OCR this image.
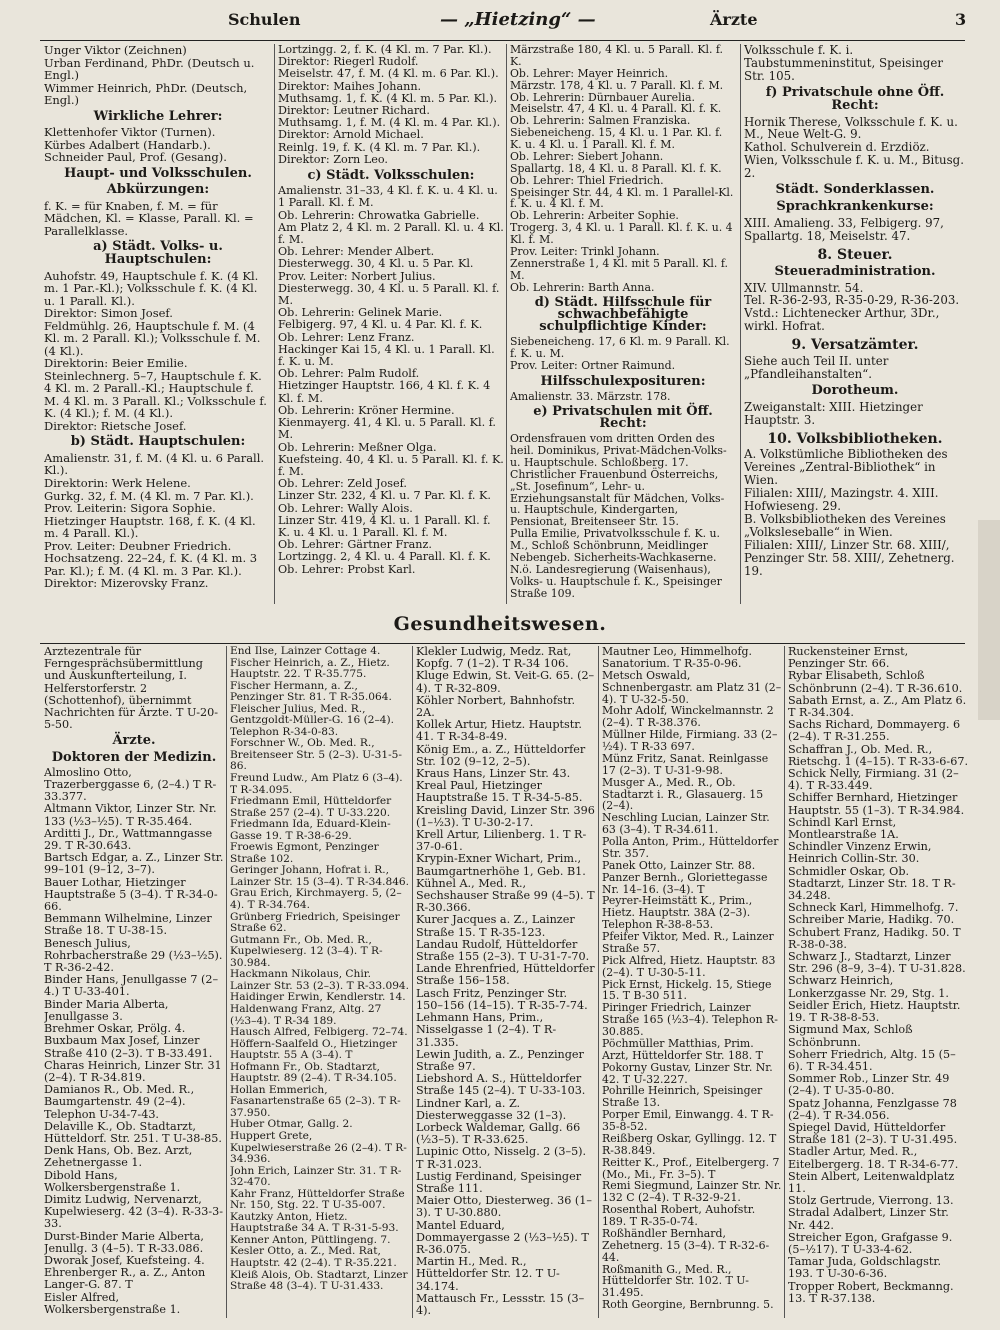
Schulen	— „Hietzing“ —	Ärzte	3

Unger Viktor (Zeichnen)

Urban Ferdinand, PhDr. (Deutsch u. Engl.)

Wimmer Heinrich, PhDr. (Deutsch, Engl.)

Wirkliche Lehrer:

Klettenhofer Viktor (Turnen).

Kürbes Adalbert (Handarb.).

Schneider Paul, Prof. (Gesang).

Haupt- und Volksschulen.

Abkürzungen:

f. K. = für Knaben, f. M. = für Mädchen, Kl. = Klasse, Parall. Kl. = Parallelklasse.

a) Städt. Volks- u. Hauptschulen:

Auhofstr. 49, Hauptschule f. K. (4 Kl. m. 1 Par.-Kl.); Volksschule f. K. (4 Kl. u. 1 Parall. Kl.).

Direktor: Simon Josef.

Feldmühlg. 26, Hauptschule f. M. (4 Kl. m. 2 Parall. Kl.); Volksschule f. M. (4 Kl.).

Direktorin: Beier Emilie.

Steinlechnerg. 5–7, Hauptschule f. K. 4 Kl. m. 2 Parall.-Kl.; Hauptschule f. M. 4 Kl. m. 3 Parall. Kl.; Volksschule f. K. (4 Kl.); f. M. (4 Kl.).

Direktor: Rietsche Josef.

b) Städt. Hauptschulen:

Amalienstr. 31, f. M. (4 Kl. u. 6 Parall. Kl.).

Direktorin: Werk Helene.

Gurkg. 32, f. M. (4 Kl. m. 7 Par. Kl.).

Prov. Leiterin: Sigora Sophie.

Hietzinger Hauptstr. 168, f. K. (4 Kl. m. 4 Parall. Kl.).

Prov. Leiter: Deubner Friedrich.

Hochsatzeng. 22–24, f. K. (4 Kl. m. 3 Par. Kl.); f. M. (4 Kl. m. 3 Par. Kl.).

Direktor: Mizerovsky Franz.

Lortzingg. 2, f. K. (4 Kl. m. 7 Par. Kl.).

Direktor: Riegerl Rudolf.

Meiselstr. 47, f. M. (4 Kl. m. 6 Par. Kl.).

Direktor: Maihes Johann.

Muthsamg. 1, f. K. (4 Kl. m. 5 Par. Kl.).

Direktor: Leutner Richard.

Muthsamg. 1, f. M. (4 Kl. m. 4 Par. Kl.).

Direktor: Arnold Michael.

Reinlg. 19, f. K. (4 Kl. m. 7 Par. Kl.).

Direktor: Zorn Leo.

c) Städt. Volksschulen:

Amalienstr. 31–33, 4 Kl. f. K. u. 4 Kl. u. 1 Parall. Kl. f. M.

Ob. Lehrerin: Chrowatka Gabrielle.

Am Platz 2, 4 Kl. m. 2 Parall. Kl. u. 4 Kl. f. M.

Ob. Lehrer: Mender Albert.

Diesterwegg. 30, 4 Kl. u. 5 Par. Kl.

Prov. Leiter: Norbert Julius.

Diesterwegg. 30, 4 Kl. u. 5 Parall. Kl. f. M.

Ob. Lehrerin: Gelinek Marie.

Felbigerg. 97, 4 Kl. u. 4 Par. Kl. f. K.

Ob. Lehrer: Lenz Franz.

Hackinger Kai 15, 4 Kl. u. 1 Parall. Kl. f. K. u. M.

Ob. Lehrer: Palm Rudolf.

Hietzinger Hauptstr. 166, 4 Kl. f. K. 4 Kl. f. M.

Ob. Lehrerin: Kröner Hermine.

Kienmayerg. 41, 4 Kl. u. 5 Parall. Kl. f. M.

Ob. Lehrerin: Meßner Olga.

Kuefsteing. 40, 4 Kl. u. 5 Parall. Kl. f. K. f. M.

Ob. Lehrer: Zeld Josef.

Linzer Str. 232, 4 Kl. u. 7 Par. Kl. f. K.

Ob. Lehrer: Wally Alois.

Linzer Str. 419, 4 Kl. u. 1 Parall. Kl. f. K. u. 4 Kl. u. 1 Parall. Kl. f. M.

Ob. Lehrer: Gärtner Franz.

Lortzingg. 2, 4 Kl. u. 4 Parall. Kl. f. K.

Ob. Lehrer: Probst Karl.

Märzstraße 180, 4 Kl. u. 5 Parall. Kl. f. K.

Ob. Lehrer: Mayer Heinrich.

Märzstr. 178, 4 Kl. u. 7 Parall. Kl. f. M.

Ob. Lehrerin: Dürnbauer Aurelia.

Meiselstr. 47, 4 Kl. u. 4 Parall. Kl. f. K.

Ob. Lehrerin: Salmen Franziska.

Siebeneicheng. 15, 4 Kl. u. 1 Par. Kl. f. K. u. 4 Kl. u. 1 Parall. Kl. f. M.

Ob. Lehrer: Siebert Johann.

Spallartg. 18, 4 Kl. u. 8 Parall. Kl. f. K.

Ob. Lehrer: Thiel Friedrich.

Speisinger Str. 44, 4 Kl. m. 1 Parallel-Kl. f. K. u. 4 Kl. f. M.

Ob. Lehrerin: Arbeiter Sophie.

Trogerg. 3, 4 Kl. u. 1 Parall. Kl. f. K. u. 4 Kl. f. M.

Prov. Leiter: Trinkl Johann.

Zennerstraße 1, 4 Kl. mit 5 Parall. Kl. f. M.

Ob. Lehrerin: Barth Anna.

d) Städt. Hilfsschule für schwachbefähigte schulpflichtige Kinder:

Siebeneicheng. 17, 6 Kl. m. 9 Parall. Kl. f. K. u. M.

Prov. Leiter: Ortner Raimund.

Hilfsschulexposituren:

Amalienstr. 33. Märzstr. 178.

e) Privatschulen mit Öff. Recht:

Ordensfrauen vom dritten Orden des heil. Dominikus, Privat-Mädchen-Volks- u. Hauptschule. Schloßberg. 17.

Christlicher Frauenbund Österreichs, „St. Josefinum“, Lehr- u. Erziehungsanstalt für Mädchen, Volks- u. Hauptschule, Kindergarten, Pensionat, Breitenseer Str. 15.

Pulla Emilie, Privatvolksschule f. K. u. M., Schloß Schönbrunn, Meidlinger Nebengeb. Sicherheits-Wachkaserne.

N.ö. Landesregierung (Waisenhaus), Volks- u. Hauptschule f. K., Speisinger Straße 109.

Volksschule f. K. i. Taubstummeninstitut, Speisinger Str. 105.

f) Privatschule ohne Öff. Recht:

Hornik Therese, Volksschule f. K. u. M., Neue Welt-G. 9.

Kathol. Schulverein d. Erzdiöz. Wien, Volksschule f. K. u. M., Bitusg. 2.

Städt. Sonderklassen.

Sprachkrankenkurse:

XIII. Amalieng. 33, Felbigerg. 97, Spallartg. 18, Meiselstr. 47.

8. Steuer.

Steueradministration.

XIV. Ullmannstr. 54.

Tel. R-36-2-93, R-35-0-29, R-36-203.

Vstd.: Lichtenecker Arthur, 3Dr., wirkl. Hofrat.

9. Versatzämter.

Siehe auch Teil II. unter „Pfandleihanstalten“.

Dorotheum.

Zweiganstalt: XIII. Hietzinger Hauptstr. 3.

10. Volksbibliotheken.

A. Volkstümliche Bibliotheken des Vereines „Zentral-Bibliothek“ in Wien.

Filialen: XIII/, Mazingstr. 4. XIII. Hofwieseng. 29.

B. Volksbibliotheken des Vereines „Volksleseballe“ in Wien.

Filialen: XIII/, Linzer Str. 68. XIII/, Penzinger Str. 58. XIII/, Zehetnerg. 19.

Gesundheitswesen.

Ärztezentrale für Ferngesprächsübermittlung und Auskunfterteilung, I. Helferstorferstr. 2 (Schottenhof), übernimmt Nachrichten für Ärzte. T U-20-5-50.

Ärzte.

Doktoren der Medizin.

Almoslino Otto, Trazerberggasse 6, (2–4.) T R-33.377.

Altmann Viktor, Linzer Str. Nr. 133 (½3–½5). T R-35.464.

Arditti J., Dr., Wattmanngasse 29. T R-30.643.

Bartsch Edgar, a. Z., Linzer Str. 99–101 (9–12, 3–7).

Bauer Lothar, Hietzinger Hauptstraße 5 (3–4). T R-34-0-66.

Bemmann Wilhelmine, Linzer Straße 18. T U-38-15.

Benesch Julius, Rohrbacherstraße 29 (½3–½5). T R-36-2-42.

Binder Hans, Jenullgasse 7 (2–4.) T U-33-401.

Binder Maria Alberta, Jenullgasse 3.

Brehmer Oskar, Prölg. 4.

Buxbaum Max Josef, Linzer Straße 410 (2–3). T B-33.491.

Charas Heinrich, Linzer Str. 31 (2–4). T R-34.819.

Damianos R., Ob. Med. R., Baumgartenstr. 49 (2–4). Telephon U-34-7-43.

Delaville K., Ob. Stadtarzt, Hütteldorf. Str. 251. T U-38-85.

Denk Hans, Ob. Bez. Arzt, Zehetnergasse 1.

Dibold Hans, Wolkersbergenstraße 1.

Dimitz Ludwig, Nervenarzt, Kupelwieserg. 42 (3–4). R-33-3-33.

Durst-Binder Marie Alberta, Jenullg. 3 (4–5). T R-33.086.

Dworak Josef, Kuefsteing. 4.

Ehrenberger R., a. Z., Anton Langer-G. 87. T

Eisler Alfred, Wolkersbergenstraße 1.

End Ilse, Lainzer Cottage 4.

Fischer Heinrich, a. Z., Hietz. Hauptstr. 22. T R-35.775.

Fischer Hermann, a. Z., Penzinger Str. 81. T R-35.064.

Fleischer Julius, Med. R., Gentzgoldt-Müller-G. 16 (2–4). Telephon R-34-0-83.

Forschner W., Ob. Med. R., Breitenseer Str. 5 (2–3). U-31-5-86.

Freund Ludw., Am Platz 6 (3–4). T R-34.095.

Friedmann Emil, Hütteldorfer Straße 257 (2–4). T U-33.220.

Friedmann Ida, Eduard-Klein-Gasse 19. T R-38-6-29.

Froewis Egmont, Penzinger Straße 102.

Geringer Johann, Hofrat i. R., Lainzer Str. 15 (3–4). T R-34.846.

Grau Erich, Kirchmayerg. 5, (2–4). T R-34.764.

Grünberg Friedrich, Speisinger Straße 62.

Gutmann Fr., Ob. Med. R., Kupelwieserg. 12 (3–4). T R-30.984.

Hackmann Nikolaus, Chir. Lainzer Str. 53 (2–3). T R-33.094.

Haidinger Erwin, Kendlerstr. 14.

Haldenwang Franz, Altg. 27 (½3–4). T R-34 189.

Hausch Alfred, Felbigerg. 72–74.

Höffern-Saalfeld O., Hietzinger Hauptstr. 55 A (3–4). T

Hofmann Fr., Ob. Stadtarzt, Hauptstr. 89 (2–4). T R-34.105.

Hollan Emmerich, Fasanartenstraße 65 (2–3). T R-37.950.

Huber Otmar, Gallg. 2.

Huppert Grete, Kupelwieserstraße 26 (2–4). T R-34.936.

John Erich, Lainzer Str. 31. T R-32-470.

Kahr Franz, Hütteldorfer Straße Nr. 150, Stg. 22. T U-35-007.

Kautzky Anton, Hietz. Hauptstraße 34 A. T R-31-5-93.

Kenner Anton, Püttlingeng. 7.

Kesler Otto, a. Z., Med. Rat, Hauptstr. 42 (2–4). T R-35.221.

Kleiß Alois, Ob. Stadtarzt, Linzer Straße 48 (3–4). T U-31.433.

Klekler Ludwig, Medz. Rat, Kopfg. 7 (1–2). T R-34 106.

Kluge Edwin, St. Veit-G. 65. (2–4). T R-32-809.

Köhler Norbert, Bahnhofstr. 2A.

Kollek Artur, Hietz. Hauptstr. 41. T R-34-8-49.

König Em., a. Z., Hütteldorfer Str. 102 (9–12, 2–5).

Kraus Hans, Linzer Str. 43.

Kreal Paul, Hietzinger Hauptstraße 15. T R-34-5-85.

Kreisling David, Linzer Str. 396 (1–½3). T U-30-2-17.

Krell Artur, Lilienberg. 1. T R-37-0-61.

Krypin-Exner Wichart, Prim., Baumgartnerhöhe 1, Geb. B1.

Kühnel A., Med. R., Sechshauser Straße 99 (4–5). T R-30.366.

Kurer Jacques a. Z., Lainzer Straße 15. T R-35-123.

Landau Rudolf, Hütteldorfer Straße 155 (2–3). T U-31-7-70.

Lande Ehrenfried, Hütteldorfer Straße 156–158.

Lasch Fritz, Penzinger Str. 150–156 (14–15). T R-35-7-74.

Lehmann Hans, Prim., Nisselgasse 1 (2–4). T R-31.335.

Lewin Judith, a. Z., Penzinger Straße 97.

Liebshord A. S., Hütteldorfer Straße 145 (2–4). T U-33-103.

Lindner Karl, a. Z. Diesterweggasse 32 (1–3).

Lorbeck Waldemar, Gallg. 66 (½3–5). T R-33.625.

Lupinic Otto, Nisselg. 2 (3–5). T R-31.023.

Lustig Ferdinand, Speisinger Straße 111.

Maier Otto, Diesterweg. 36 (1–3). T U-30.880.

Mantel Eduard, Dommayergasse 2 (½3–½5). T R-36.075.

Martin H., Med. R., Hütteldorfer Str. 12. T U-34.174.

Mattausch Fr., Lessstr. 15 (3–4).

Mautner Leo, Himmelhofg. Sanatorium. T R-35-0-96.

Metsch Oswald, Schnenbergastr. am Platz 31 (2–4). T U-32-5-50.

Mohr Adolf, Winckelmannstr. 2 (2–4). T R-38.376.

Müllner Hilde, Firmiang. 33 (2–½4). T R-33 697.

Münz Fritz, Sanat. Reinlgasse 17 (2–3). T U-31-9-98.

Musger A., Med. R., Ob. Stadtarzt i. R., Glasauerg. 15 (2–4).

Neschling Lucian, Lainzer Str. 63 (3–4). T R-34.611.

Polla Anton, Prim., Hütteldorfer Str. 357.

Panek Otto, Lainzer Str. 88.

Panzer Bernh., Gloriettegasse Nr. 14–16. (3–4). T

Peyrer-Heimstätt K., Prim., Hietz. Hauptstr. 38A (2–3). Telephon R-38-8-53.

Pfeifer Viktor, Med. R., Lainzer Straße 57.

Pick Alfred, Hietz. Hauptstr. 83 (2–4). T U-30-5-11.

Pick Ernst, Hickelg. 15, Stiege 15. T B-30 511.

Piringer Friedrich, Lainzer Straße 165 (½3–4). Telephon R-30.885.

Pöchmüller Matthias, Prim. Arzt, Hütteldorfer Str. 188. T

Pokorny Gustav, Linzer Str. Nr. 42. T U-32.227.

Pohrille Heinrich, Speisinger Straße 13.

Porper Emil, Einwangg. 4. T R-35-8-52.

Reißberg Oskar, Gyllingg. 12. T R-38.849.

Reitter K., Prof., Eitelbergerg. 7 (Mo., Mi., Fr. 3–5). T

Remi Siegmund, Lainzer Str. Nr. 132 C (2–4). T R-32-9-21.

Rosenthal Robert, Auhofstr. 189. T R-35-0-74.

Roßhändler Bernhard, Zehetnerg. 15 (3–4). T R-32-6-44.

Roßmanith G., Med. R., Hütteldorfer Str. 102. T U-31.495.

Roth Georgine, Bernbrunng. 5.

Ruckensteiner Ernst, Penzinger Str. 66.

Rybar Elisabeth, Schloß Schönbrunn (2–4). T R-36.610.

Sabath Ernst, a. Z., Am Platz 6. T R-34.304.

Sachs Richard, Dommayerg. 6 (2–4). T R-31.255.

Schaffran J., Ob. Med. R., Rietschg. 1 (4–15). T R-33-6-67.

Schick Nelly, Firmiang. 31 (2–4). T R-33.449.

Schiffer Bernhard, Hietzinger Hauptstr. 55 (1–3). T R-34.984.

Schindl Karl Ernst, Montlearstraße 1A.

Schindler Vinzenz Erwin, Heinrich Collin-Str. 30.

Schmidler Oskar, Ob. Stadtarzt, Linzer Str. 18. T R-34.248.

Schneck Karl, Himmelhofg. 7.

Schreiber Marie, Hadikg. 70.

Schubert Franz, Hadikg. 50. T R-38-0-38.

Schwarz J., Stadtarzt, Linzer Str. 296 (8–9, 3–4). T U-31.828.

Schwarz Heinrich, Lonkerzgasse Nr. 29, Stg. 1.

Seidler Erich, Hietz. Hauptstr. 19. T R-38-8-53.

Sigmund Max, Schloß Schönbrunn.

Soherr Friedrich, Altg. 15 (5–6). T R-34.451.

Sommer Rob., Linzer Str. 49 (2–4). T U-35-0-80.

Spatz Johanna, Fenzlgasse 78 (2–4). T R-34.056.

Spiegel David, Hütteldorfer Straße 181 (2–3). T U-31.495.

Stadler Artur, Med. R., Eitelbergerg. 18. T R-34-6-77.

Stein Albert, Leitenwaldplatz 11.

Stolz Gertrude, Vierrong. 13.

Stradal Adalbert, Linzer Str. Nr. 442.

Streicher Egon, Grafgasse 9. (5–½17). T U-33-4-62.

Tamar Juda, Goldschlagstr. 193. T U-30-6-36.

Tropper Robert, Beckmanng. 13. T R-37.138.
